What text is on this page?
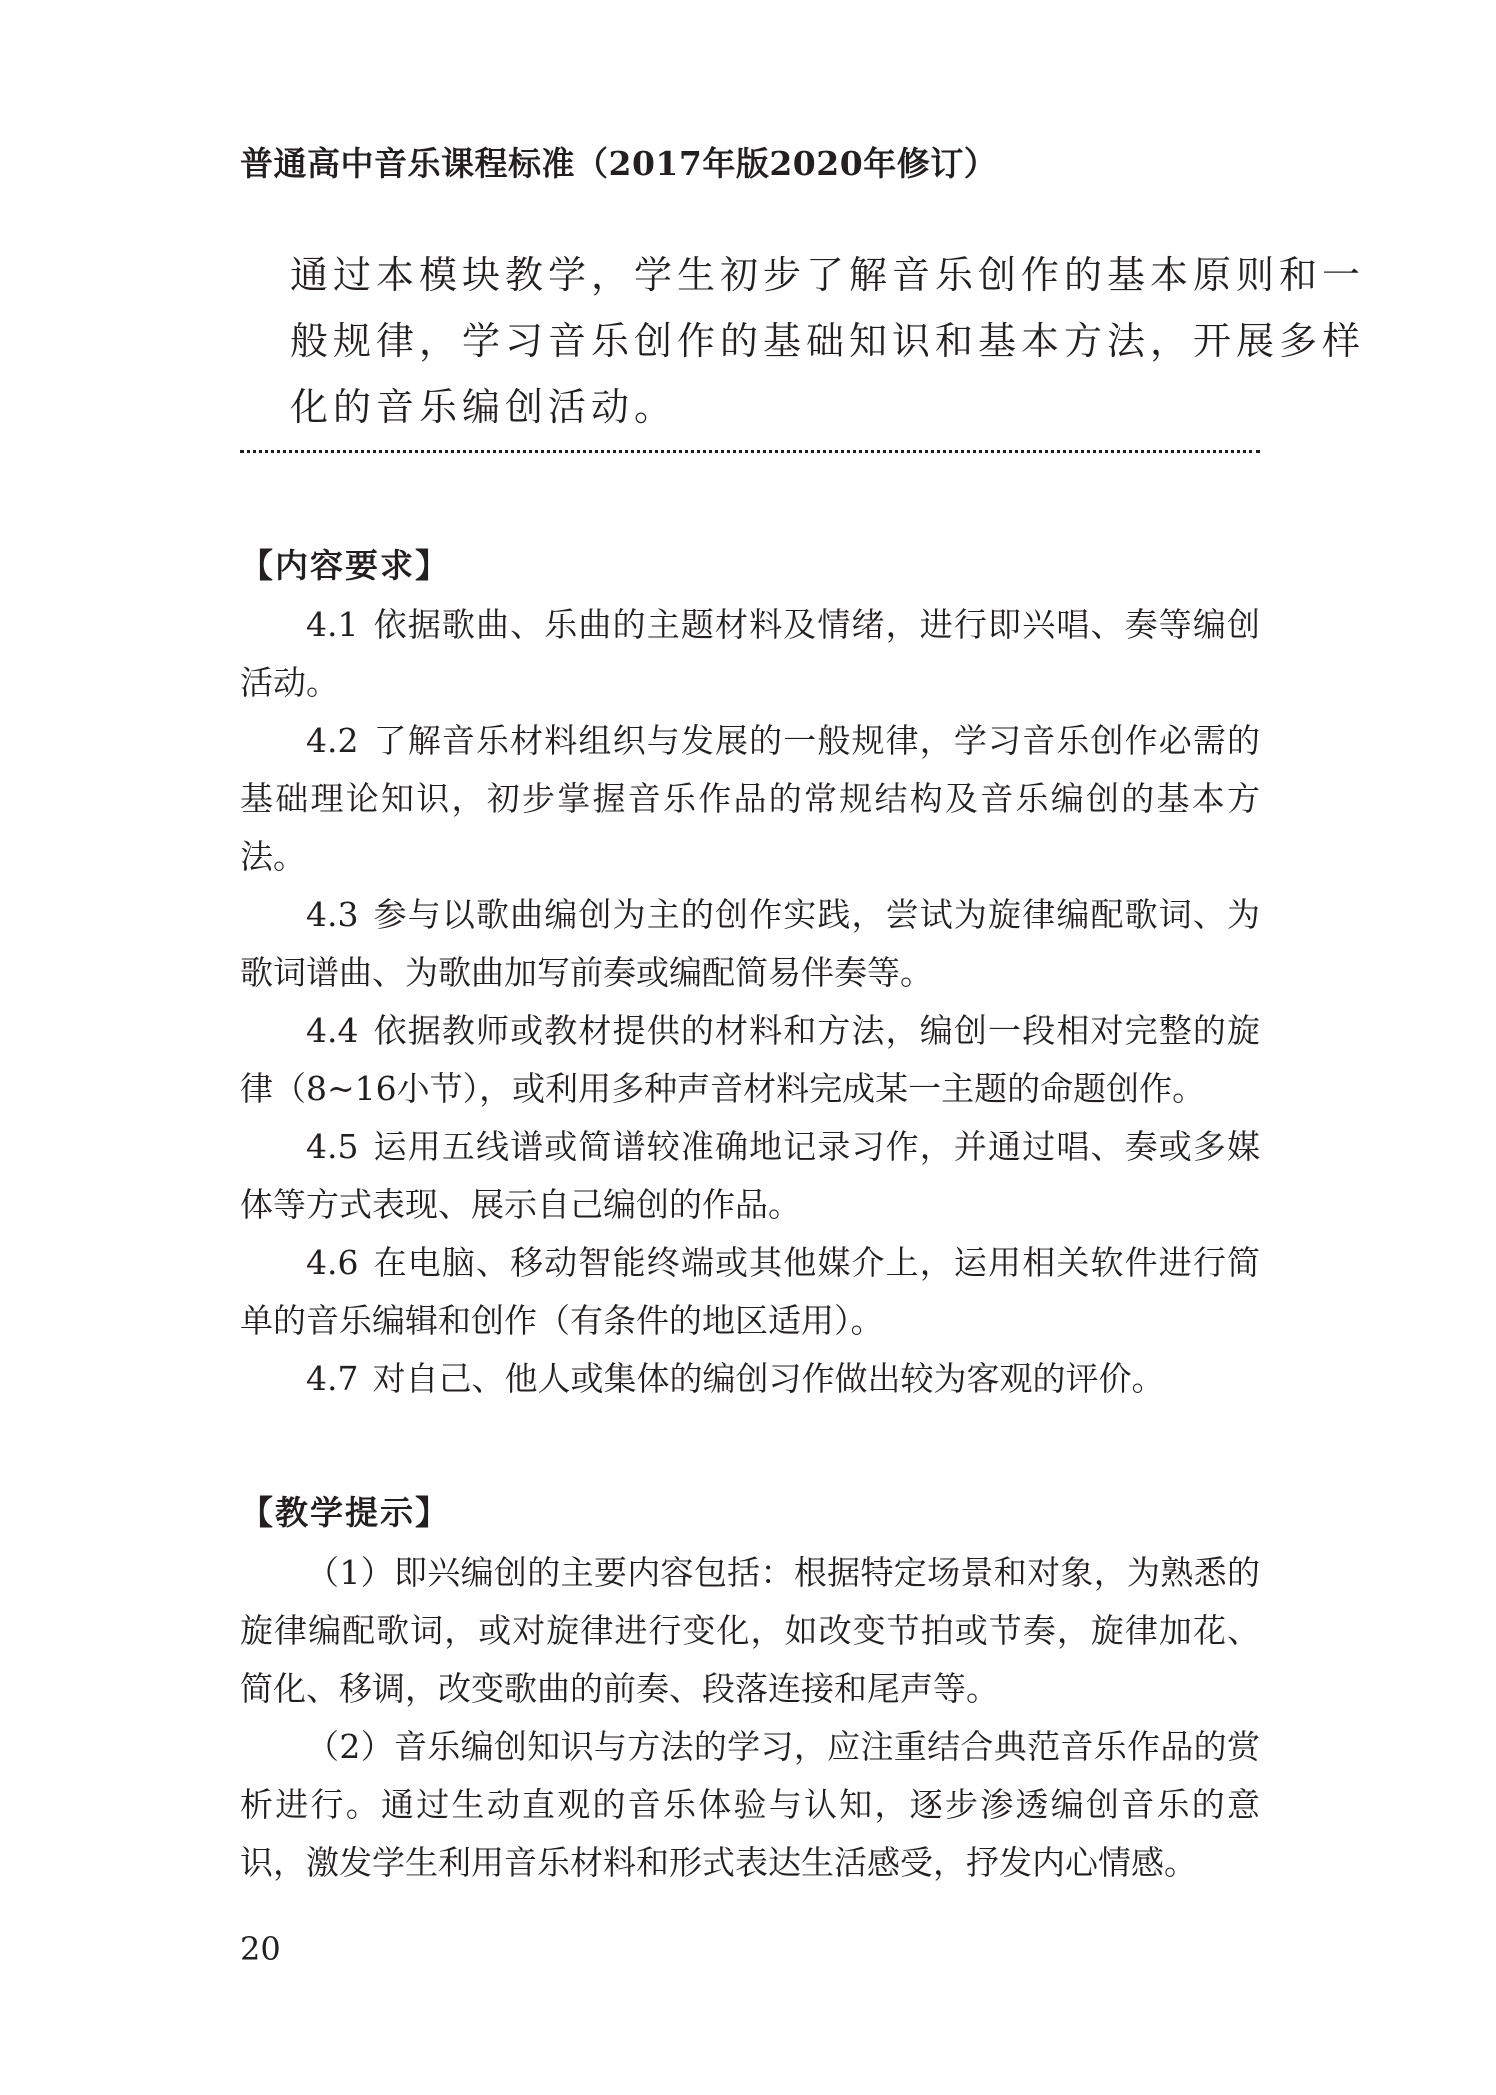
普通高中音乐课程标准（2017年版2020年修订）
通过本模块教学，学生初步了解音乐创作的基本原则和一
般规律，学习音乐创作的基础知识和基本方法，开展多样
化的音乐编创活动。
【内容要求】

4.1 依据歌曲、乐曲的主题材料及情绪，进行即兴唱、奏等编创活动。

4.2 了解音乐材料组织与发展的一般规律，学习音乐创作必需的基础理论知识，初步掌握音乐作品的常规结构及音乐编创的基本方法。

4.3 参与以歌曲编创为主的创作实践，尝试为旋律编配歌词、为歌词谱曲、为歌曲加写前奏或编配简易伴奏等。

4.4 依据教师或教材提供的材料和方法，编创一段相对完整的旋律（8~16小节），或利用多种声音材料完成某一主题的命题创作。

4.5 运用五线谱或简谱较准确地记录习作，并通过唱、奏或多媒体等方式表现、展示自己编创的作品。

4.6 在电脑、移动智能终端或其他媒介上，运用相关软件进行简单的音乐编辑和创作（有条件的地区适用）。

4.7 对自己、他人或集体的编创习作做出较为客观的评价。

【教学提示】

（1）即兴编创的主要内容包括：根据特定场景和对象，为熟悉的旋律编配歌词，或对旋律进行变化，如改变节拍或节奏，旋律加花、简化、移调，改变歌曲的前奏、段落连接和尾声等。

（2）音乐编创知识与方法的学习，应注重结合典范音乐作品的赏析进行。通过生动直观的音乐体验与认知，逐步渗透编创音乐的意识，激发学生利用音乐材料和形式表达生活感受，抒发内心情感。

20
